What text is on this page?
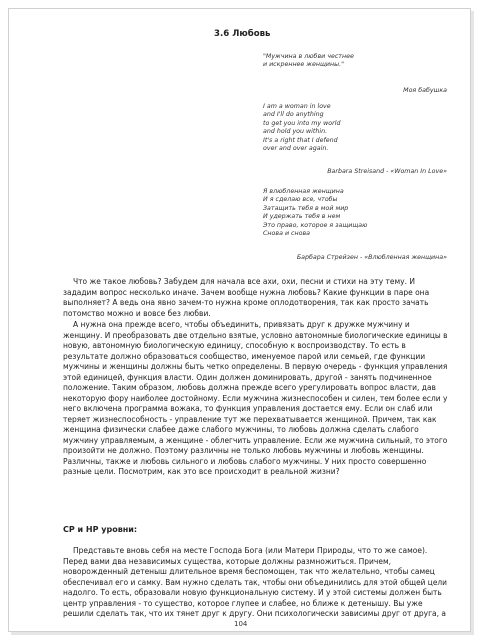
3.6 Любовь
"Мужчина в любви честнее
и искреннее женщины."
Моя бабушка
I am a woman in love
and I'll do anything
to get you into my world
and hold you within.
It's a right that I defend
over and over again.
Barbara Streisand - «Woman In Love»
Я влюбленная женщина
И я сделаю все, чтобы
Затащить тебя в мой мир
И удержать тебя в нем
Это право, которое я защищаю
Снова и снова
Барбара Стрейзен - «Влюбленная женщина»
Что же такое любовь? Забудем для начала все ахи, охи, песни и стихи на эту тему. И
зададим вопрос несколько иначе. Зачем вообще нужна любовь? Какие функции в паре она
выполняет? А ведь она явно зачем-то нужна кроме оплодотворения, так как просто зачать
потомство можно и вовсе без любви.
А нужна она прежде всего, чтобы объединить, привязать друг к дружке мужчину и
женщину. И преобразовать две отдельно взятые, условно автономные биологические единицы в
новую, автономную биологическую единицу, способную к воспроизводству. То есть в
результате должно образоваться сообщество, именуемое парой или семьей, где функции
мужчины и женщины должны быть четко определены. В первую очередь - функция управления
этой единицей, функция власти. Один должен доминировать, другой - занять подчиненное
положение. Таким образом, любовь должна прежде всего урегулировать вопрос власти, дав
некоторую фору наиболее достойному. Если мужчина жизнеспособен и силен, тем более если у
него включена программа вожака, то функция управления достается ему. Если он слаб или
теряет жизнеспособность - управление тут же перехватывается женщиной. Причем, так как
женщина физически слабее даже слабого мужчины, то любовь должна сделать слабого
мужчину управляемым, а женщине - облегчить управление. Если же мужчина сильный, то этого
произойти не должно. Поэтому различны не только любовь мужчины и любовь женщины.
Различны, также и любовь сильного и любовь слабого мужчины. У них просто совершенно
разные цели. Посмотрим, как это все происходит в реальной жизни?
СР и НР уровни:
Представьте вновь себя на месте Господа Бога (или Матери Природы, что то же самое).
Перед вами два независимых существа, которые должны размножиться. Причем,
новорожденный детеныш длительное время беспомощен, так что желательно, чтобы самец
обеспечивал его и самку. Вам нужно сделать так, чтобы они объединились для этой общей цели
надолго. То есть, образовали новую функциональную систему. И у этой системы должен быть
центр управления - то существо, которое глупее и слабее, но ближе к детенышу. Вы уже
решили сделать так, что их тянет друг к другу. Они психологически зависимы друг от друга, а
104
